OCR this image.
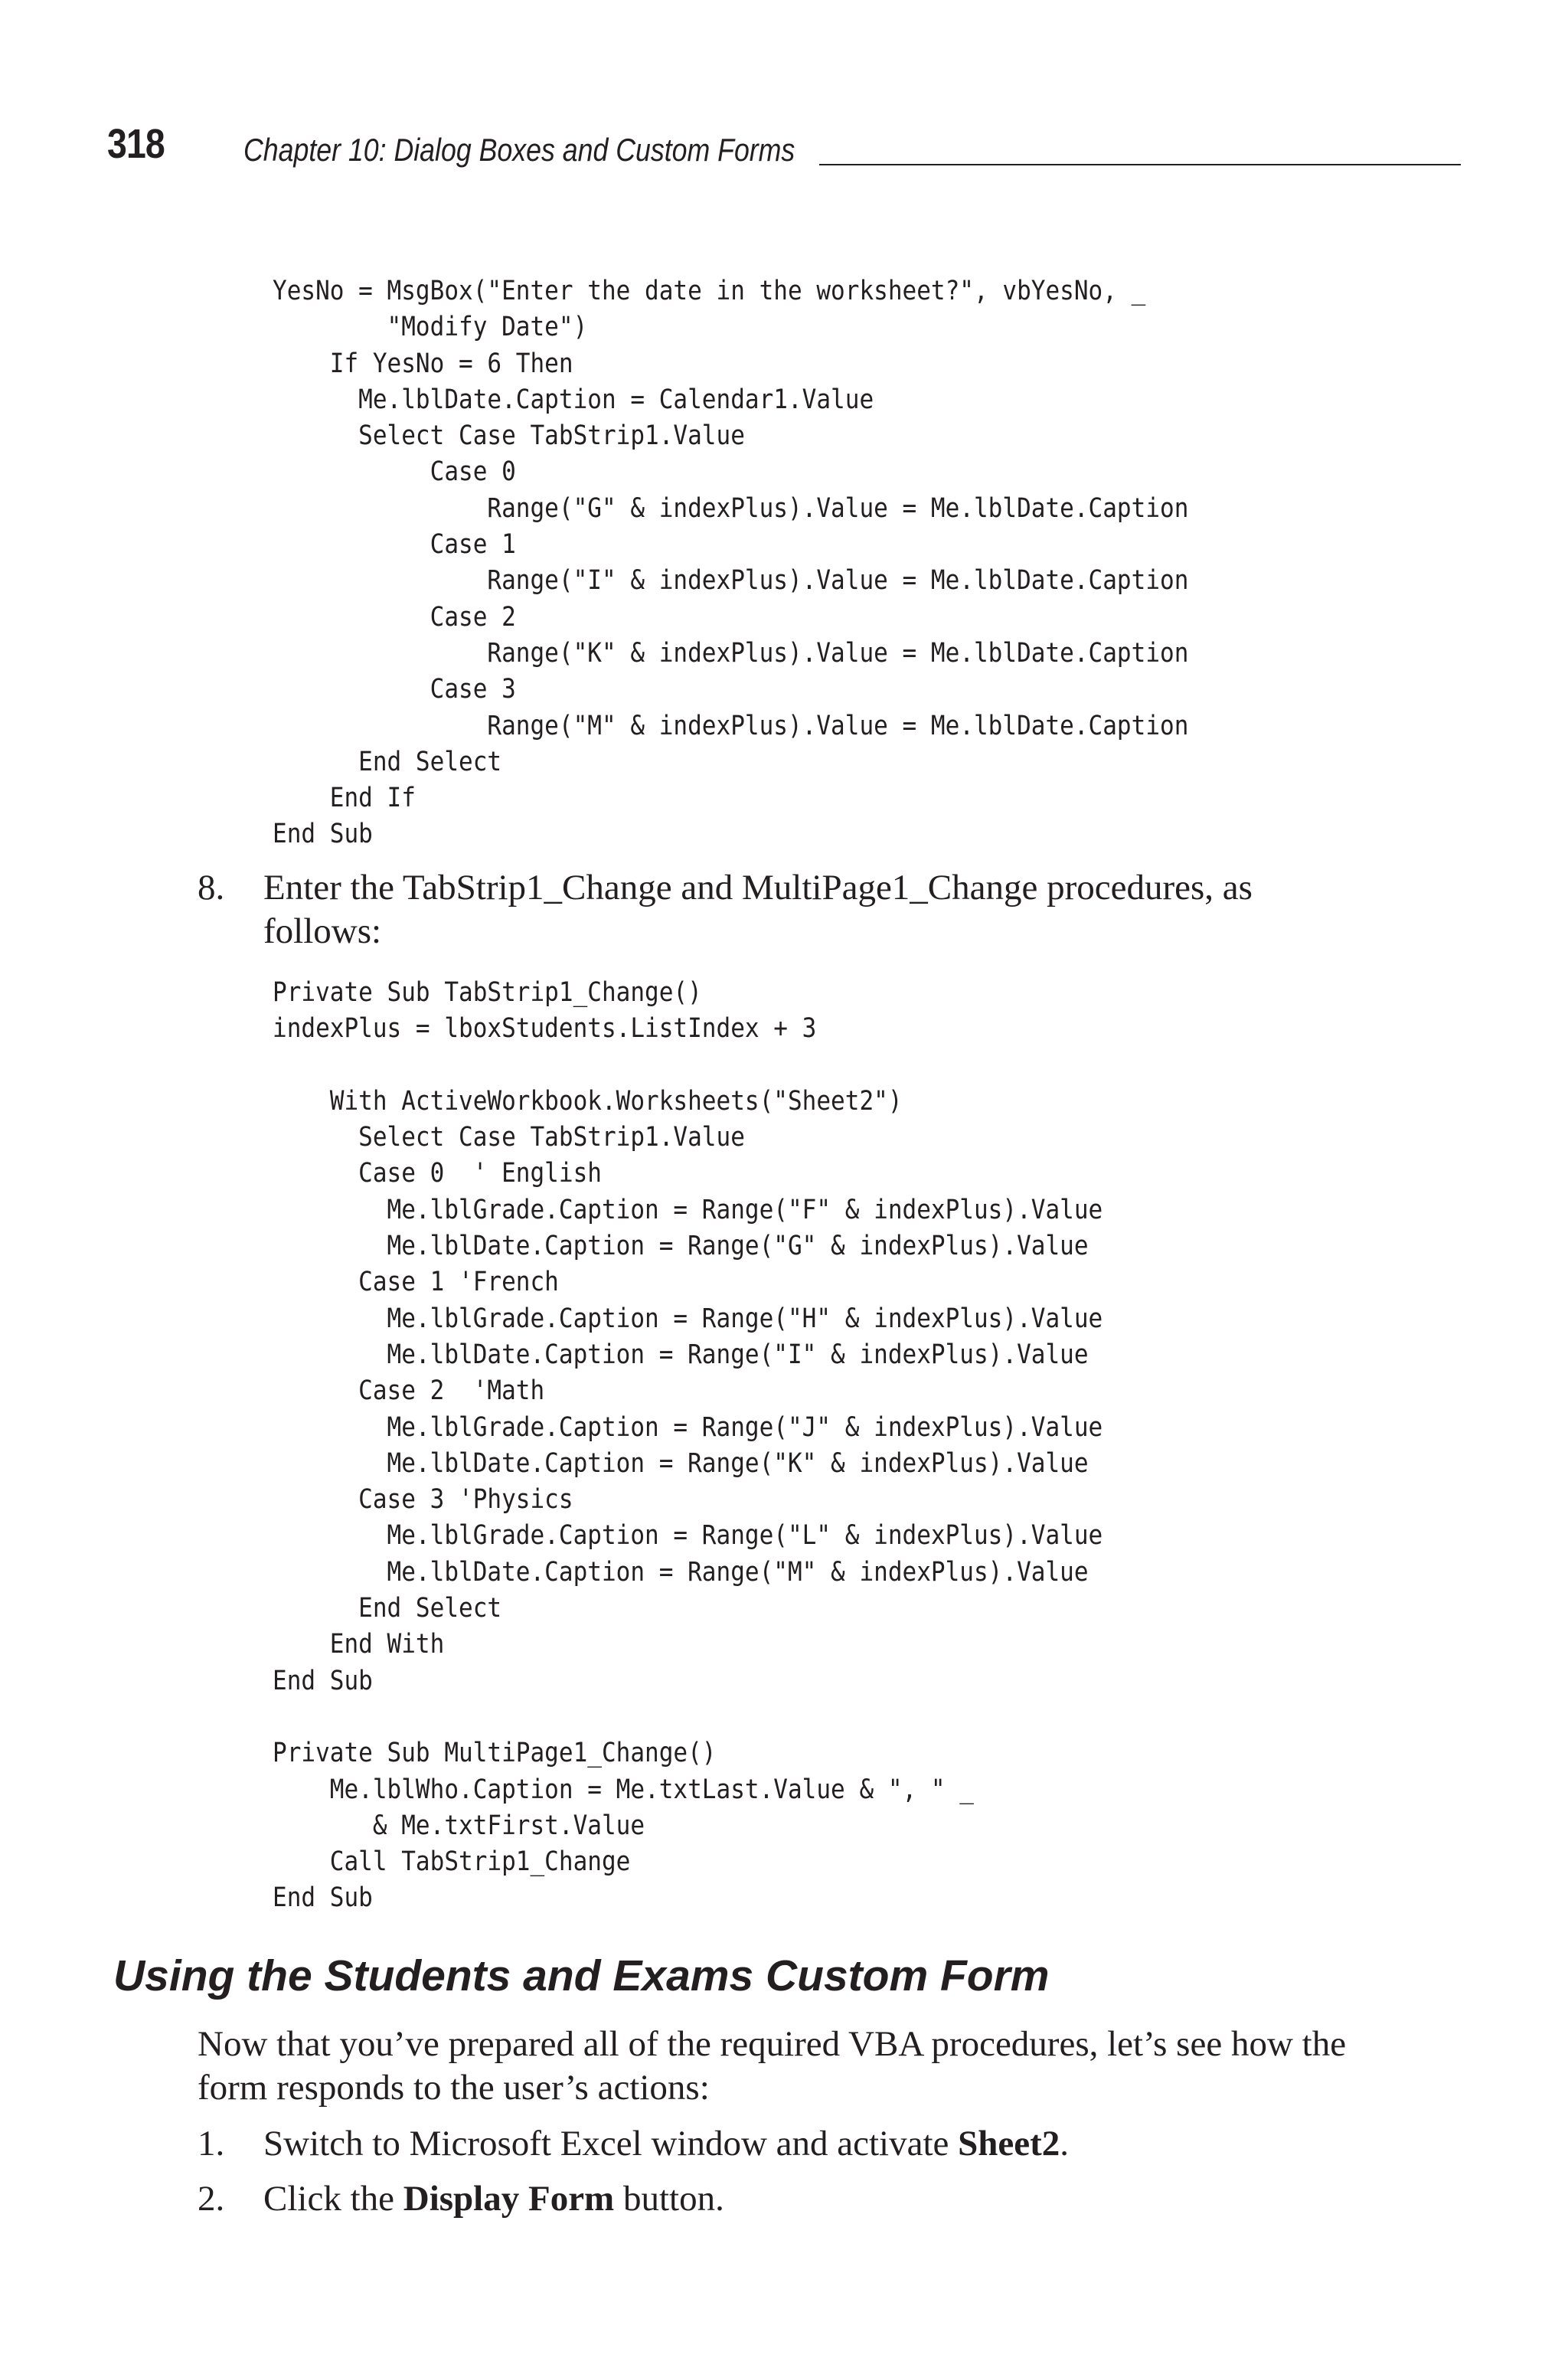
318 Chapter 10: Dialog Boxes and Custom Forms
YesNo = MsgBox("Enter the date in the worksheet?", vbYesNo, _
"Modify Date")
If YesNo = 6 Then
Me.lblDate.Caption = Calendar1.Value
Select Case TabStrip1.Value
Case 0
Range("G" & indexPlus).Value = Me.lblDate.Caption
Case 1
Range("I" & indexPlus).Value = Me.lblDate.Caption
Case 2
Range("K" & indexPlus).Value = Me.lblDate.Caption
Case 3
Range("M" & indexPlus).Value = Me.lblDate.Caption
End Select
End If
End Sub
8. Enter the TabStrip1_Change and MultiPage1_Change procedures, as follows:
Private Sub TabStrip1_Change()
indexPlus = lboxStudents.ListIndex + 3

With ActiveWorkbook.Worksheets("Sheet2")
Select Case TabStrip1.Value
Case 0  ' English
Me.lblGrade.Caption = Range("F" & indexPlus).Value
Me.lblDate.Caption = Range("G" & indexPlus).Value
Case 1 'French
Me.lblGrade.Caption = Range("H" & indexPlus).Value
Me.lblDate.Caption = Range("I" & indexPlus).Value
Case 2  'Math
Me.lblGrade.Caption = Range("J" & indexPlus).Value
Me.lblDate.Caption = Range("K" & indexPlus).Value
Case 3 'Physics
Me.lblGrade.Caption = Range("L" & indexPlus).Value
Me.lblDate.Caption = Range("M" & indexPlus).Value
End Select
End With
End Sub

Private Sub MultiPage1_Change()
Me.lblWho.Caption = Me.txtLast.Value & ", " _
& Me.txtFirst.Value
Call TabStrip1_Change
End Sub
Using the Students and Exams Custom Form
Now that you’ve prepared all of the required VBA procedures, let’s see how the form responds to the user’s actions:
1. Switch to Microsoft Excel window and activate Sheet2.
2. Click the Display Form button.
